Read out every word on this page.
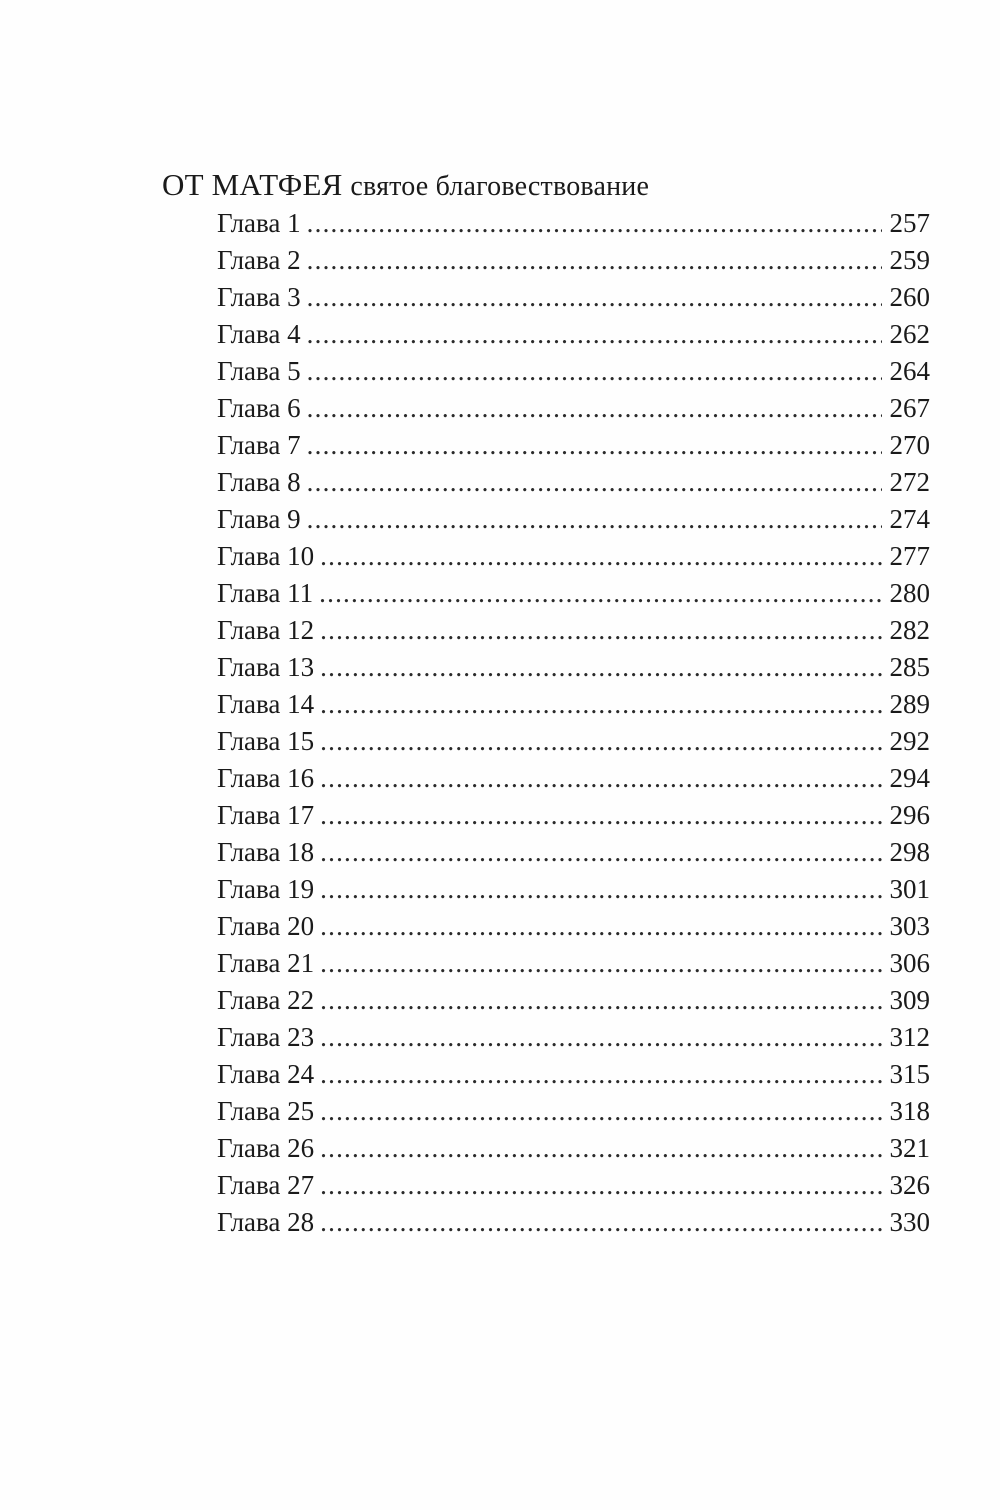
ОТ МАТФЕЯ святое благовествование
Глава 1 .....	257
Глава 2 .....	259
Глава 3 .....	260
Глава 4 .....	262
Глава 5 .....	264
Глава 6 .....	267
Глава 7 .....	270
Глава 8 .....	272
Глава 9 .....	274
Глава 10 .....	277
Глава 11 .....	280
Глава 12 .....	282
Глава 13 .....	285
Глава 14 .....	289
Глава 15 .....	292
Глава 16 .....	294
Глава 17 .....	296
Глава 18 .....	298
Глава 19 .....	301
Глава 20 .....	303
Глава 21 .....	306
Глава 22 .....	309
Глава 23 .....	312
Глава 24 .....	315
Глава 25 .....	318
Глава 26 .....	321
Глава 27 .....	326
Глава 28 .....	330
